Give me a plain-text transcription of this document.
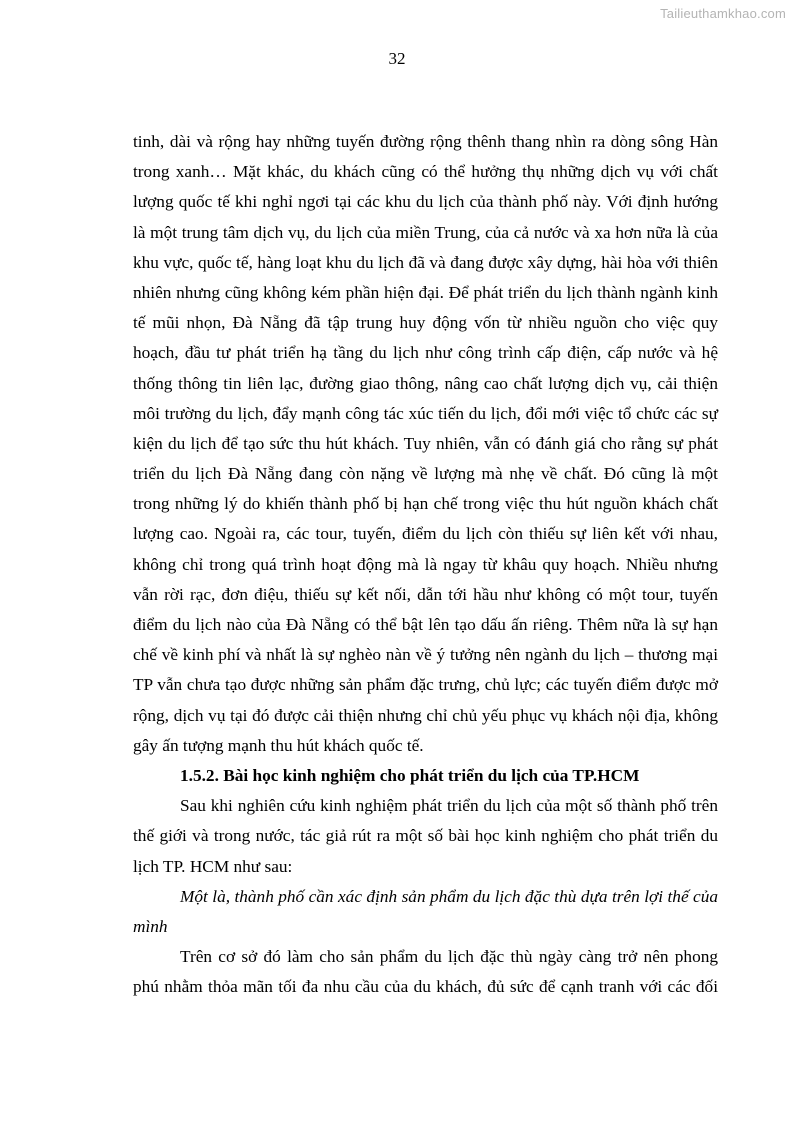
Tailieuthamkhao.com
32
tinh, dài và rộng hay những tuyến đường rộng thênh thang nhìn ra dòng sông Hàn
trong xanh… Mặt khác, du khách cũng có thể hưởng thụ những dịch vụ với chất
lượng quốc tế khi nghỉ ngơi tại các khu du lịch của thành phố này. Với định hướng
là một trung tâm dịch vụ, du lịch của miền Trung, của cả nước và xa hơn nữa là của
khu vực, quốc tế, hàng loạt khu du lịch đã và đang được xây dựng, hài hòa với thiên
nhiên nhưng cũng không kém phần hiện đại. Để phát triển du lịch thành ngành kinh
tế mũi nhọn, Đà Nẵng đã tập trung huy động vốn từ nhiều nguồn cho việc quy
hoạch, đầu tư phát triển hạ tầng du lịch như công trình cấp điện, cấp nước và hệ
thống thông tin liên lạc, đường giao thông, nâng cao chất lượng dịch vụ, cải thiện
môi trường du lịch, đẩy mạnh công tác xúc tiến du lịch, đổi mới việc tổ chức các sự
kiện du lịch để tạo sức thu hút khách. Tuy nhiên, vẫn có đánh giá cho rằng sự phát
triển du lịch Đà Nẵng đang còn nặng về lượng mà nhẹ về chất. Đó cũng là một
trong những lý do khiến thành phố bị hạn chế trong việc thu hút nguồn khách chất
lượng cao. Ngoài ra, các tour, tuyến, điểm du lịch còn thiếu sự liên kết với nhau,
không chỉ trong quá trình hoạt động mà là ngay từ khâu quy hoạch. Nhiều nhưng
vẫn rời rạc, đơn điệu, thiếu sự kết nối, dẫn tới hầu như không có một tour, tuyến
điểm du lịch nào của Đà Nẵng có thể bật lên tạo dấu ấn riêng. Thêm nữa là sự hạn
chế về kinh phí và nhất là sự nghèo nàn về ý tưởng nên ngành du lịch – thương mại
TP vẫn chưa tạo được những sản phẩm đặc trưng, chủ lực; các tuyến điểm được mở
rộng, dịch vụ tại đó được cải thiện nhưng chỉ chủ yếu phục vụ khách nội địa, không
gây ấn tượng mạnh thu hút khách quốc tế.
1.5.2. Bài học kinh nghiệm cho phát triển du lịch của TP.HCM
Sau khi nghiên cứu kinh nghiệm phát triển du lịch của một số thành phố trên
thế giới và trong nước, tác giả rút ra một số bài học kinh nghiệm cho phát triển du
lịch TP. HCM như sau:
Một là, thành phố cần xác định sản phẩm du lịch đặc thù dựa trên lợi thế của
mình
Trên cơ sở đó làm cho sản phẩm du lịch đặc thù ngày càng trở nên phong
phú nhằm thỏa mãn tối đa nhu cầu của du khách, đủ sức để cạnh tranh với các đối
